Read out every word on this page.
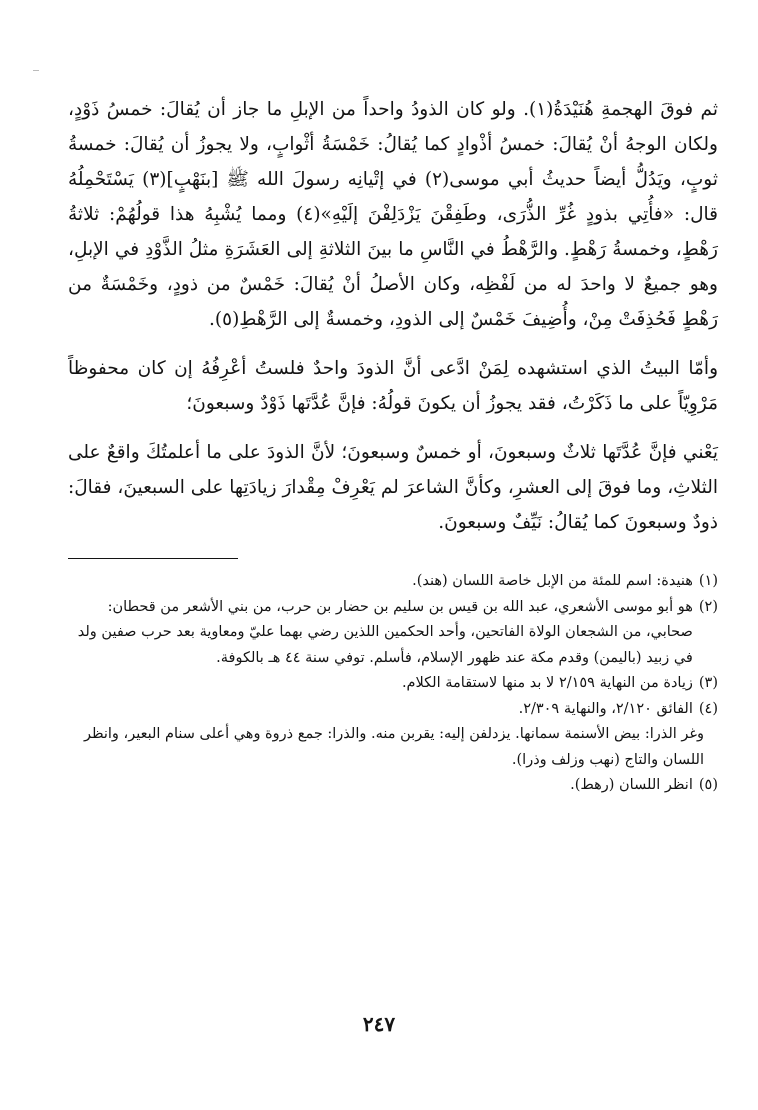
ثم فوقَ الهجمةِ هُنَيْدَةُ(١). ولو كان الذودُ واحداً من الإبلِ ما جاز أن يُقالَ: خمسُ ذَوْدٍ، ولكان الوجهُ أنْ يُقالَ: خمسُ أذْوادٍ كما يُقالُ: خَمْسَةُ أثْوابٍ، ولا يجوزُ أن يُقالَ: خمسةُ ثوبٍ، ويَدُلُّ أيضاً حديثُ أبي موسى(٢) في إتْيانِه رسولَ الله ﷺ [بنَهْبٍ](٣) يَسْتَحْمِلُهُ قال: «فأُتِي بذودٍ غُرِّ الذُّرَى، وطَفِقْنَ يَزْدَلِفْنَ إلَيْهِ»(٤) ومما يُشْبِهُ هذا قولُهُمْ: ثلاثةُ رَهْطٍ، وخمسةُ رَهْطٍ. والرَّهْطُ في النَّاسِ ما بينَ الثلاثةِ إلى العَشَرَةِ مثلُ الذَّوْدِ في الإبلِ، وهو جميعٌ لا واحدَ له من لَفْظِه، وكان الأصلُ أنْ يُقالَ: خَمْسٌ من ذودٍ، وخَمْسَةٌ من رَهْطٍ فَحُذِفَتْ مِنْ، وأُضِيفَ خَمْسٌ إلى الذودِ، وخمسةٌ إلى الرَّهْطِ(٥).

وأمّا البيتُ الذي استشهده لِمَنْ ادَّعى أنَّ الذودَ واحدٌ فلستُ أعْرِفُهُ إن كان محفوظاً مَرْوِيّاً على ما ذَكَرْتُ، فقد يجوزُ أن يكونَ قولُهُ: فإنَّ عُدَّتَها ذَوْدٌ وسبعونَ؛

يَعْني فإنَّ عُدَّتَها ثلاثٌ وسبعونَ، أو خمسٌ وسبعونَ؛ لأنَّ الذودَ على ما أعلمتُكَ واقعٌ على الثلاثِ، وما فوقَ إلى العشرِ، وكأنَّ الشاعرَ لم يَعْرِفْ مِقْدارَ زيادَتِها على السبعينَ، فقالَ: ذودٌ وسبعونَ كما يُقالُ: نَيِّفٌ وسبعونَ.

(١)
هنيدة: اسم للمئة من الإبل خاصة اللسان (هند).
(٢)
هو أبو موسى الأشعري، عبد الله بن قيس بن سليم بن حضار بن حرب، من بني الأشعر من قحطان: صحابي، من الشجعان الولاة الفاتحين، وأحد الحكمين اللذين رضي بهما عليّ ومعاوية بعد حرب صفين ولد في زبيد (باليمن) وقدم مكة عند ظهور الإسلام، فأسلم. توفي سنة ٤٤ هـ بالكوفة.
(٣)
زيادة من النهاية ٢/١٥٩ لا بد منها لاستقامة الكلام.
(٤)
الفائق ٢/١٢٠، والنهاية ٢/٣٠٩.
وغر الذرا: بيض الأسنمة سمانها. يزدلفن إليه: يقربن منه. والذرا: جمع ذروة وهي أعلى سنام البعير، وانظر اللسان والتاج (نهب وزلف وذرا).
(٥)
انظر اللسان (رهط).
٢٤٧
